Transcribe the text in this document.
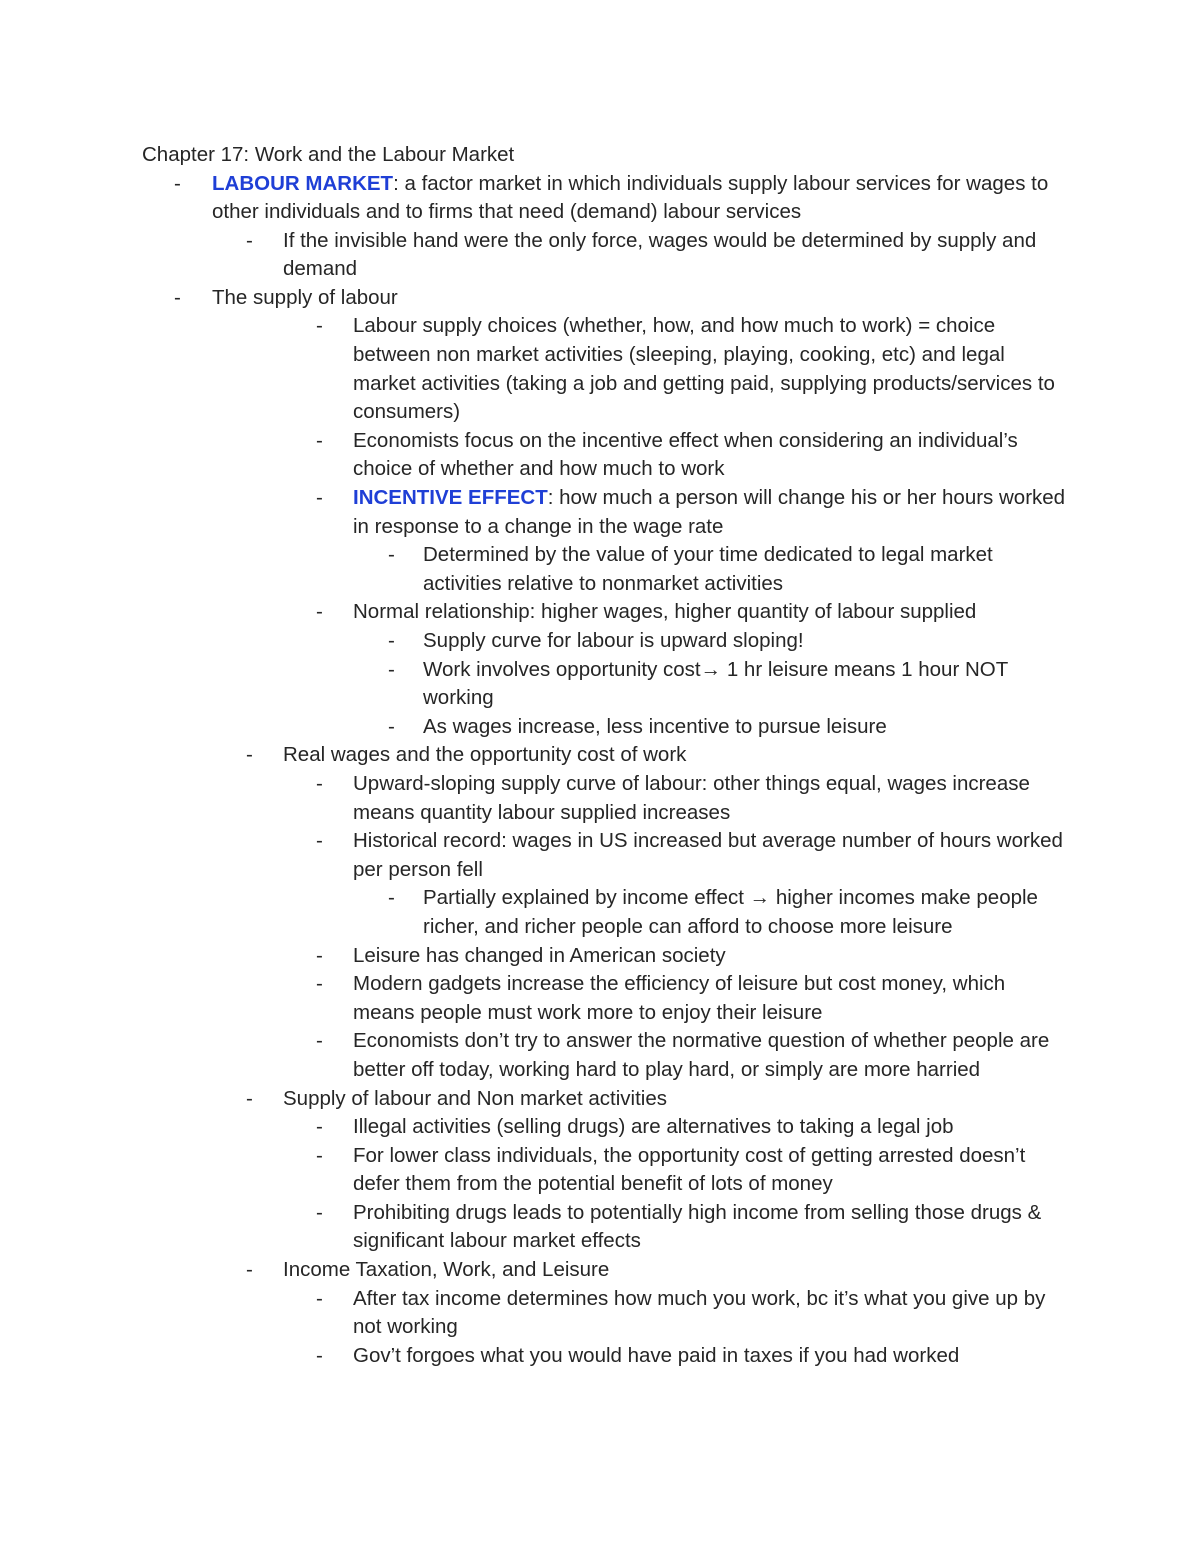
Chapter 17: Work and the Labour Market
- LABOUR MARKET: a factor market in which individuals supply labour services for wages to other individuals and to firms that need (demand) labour services
- If the invisible hand were the only force, wages would be determined by supply and demand
- The supply of labour
- Labour supply choices (whether, how, and how much to work) = choice between non market activities (sleeping, playing, cooking, etc) and legal market activities (taking a job and getting paid, supplying products/services to consumers)
- Economists focus on the incentive effect when considering an individual’s choice of whether and how much to work
- INCENTIVE EFFECT: how much a person will change his or her hours worked in response to a change in the wage rate
- Determined by the value of your time dedicated to legal market activities relative to nonmarket activities
- Normal relationship: higher wages, higher quantity of labour supplied
- Supply curve for labour is upward sloping!
- Work involves opportunity cost→ 1 hr leisure means 1 hour NOT working
- As wages increase, less incentive to pursue leisure
- Real wages and the opportunity cost of work
- Upward-sloping supply curve of labour: other things equal, wages increase means quantity labour supplied increases
- Historical record: wages in US increased but average number of hours worked per person fell
- Partially explained by income effect → higher incomes make people richer, and richer people can afford to choose more leisure
- Leisure has changed in American society
- Modern gadgets increase the efficiency of leisure but cost money, which means people must work more to enjoy their leisure
- Economists don’t try to answer the normative question of whether people are better off today, working hard to play hard, or simply are more harried
- Supply of labour and Non market activities
- Illegal activities (selling drugs) are alternatives to taking a legal job
- For lower class individuals, the opportunity cost of getting arrested doesn’t defer them from the potential benefit of lots of money
- Prohibiting drugs leads to potentially high income from selling those drugs & significant labour market effects
- Income Taxation, Work, and Leisure
- After tax income determines how much you work, bc it’s what you give up by not working
- Gov’t forgoes what you would have paid in taxes if you had worked
